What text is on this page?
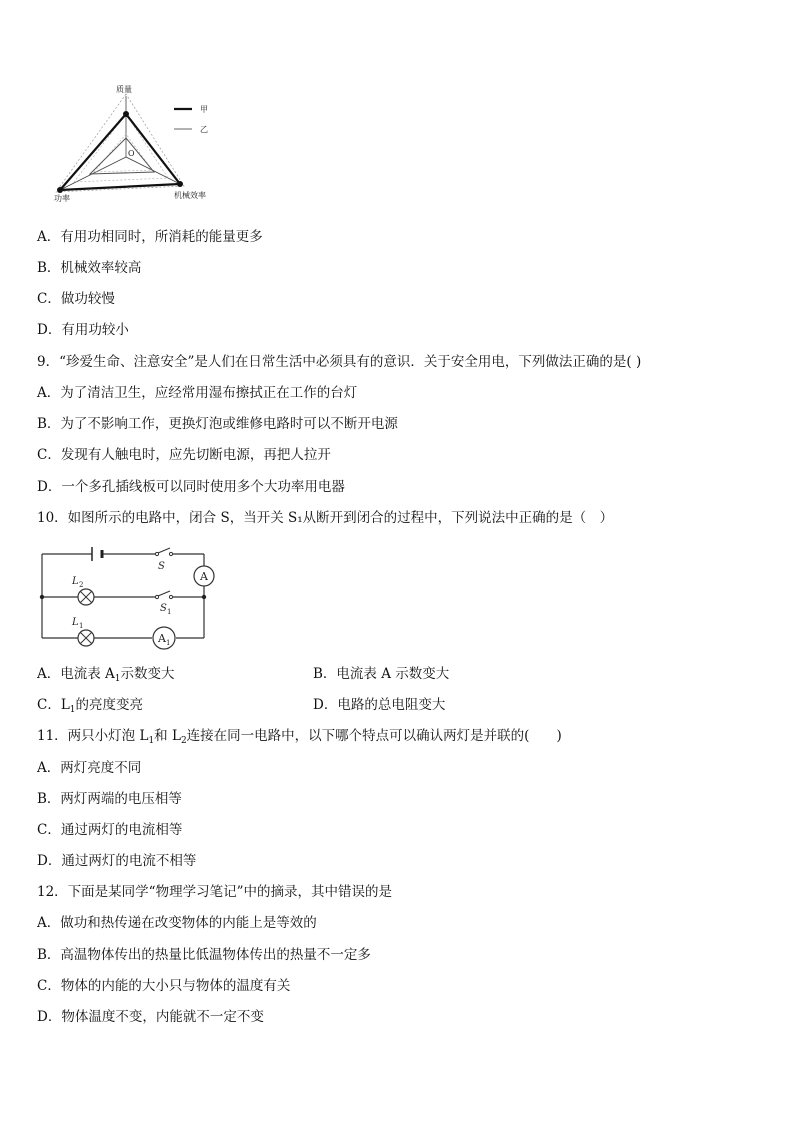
质量
功率	机械效率
O
甲
乙
A．有用功相同时，所消耗的能量更多
B．机械效率较高
C．做功较慢
D．有用功较小
9．“珍爱生命、注意安全”是人们在日常生活中必须具有的意识．关于安全用电，下列做法正确的是( )
A．为了清洁卫生，应经常用湿布擦拭正在工作的台灯
B．为了不影响工作，更换灯泡或维修电路时可以不断开电源
C．发现有人触电时，应先切断电源，再把人拉开
D．一个多孔插线板可以同时使用多个大功率用电器
10．如图所示的电路中，闭合 S，当开关 S₁从断开到闭合的过程中，下列说法中正确的是（　）
S
A
L 2
S 1
L 1
A 1
A．电流表 $A_1$示数变大	B．电流表 A 示数变大
C．$L_1$的亮度变亮	D．电路的总电阻变大
11．两只小灯泡 $L_1$和 $L_2$连接在同一电路中，以下哪个特点可以确认两灯是并联的(　　)
A．两灯亮度不同
B．两灯两端的电压相等
C．通过两灯的电流相等
D．通过两灯的电流不相等
12．下面是某同学“物理学习笔记”中的摘录，其中错误的是
A．做功和热传递在改变物体的内能上是等效的
B．高温物体传出的热量比低温物体传出的热量不一定多
C．物体的内能的大小只与物体的温度有关
D．物体温度不变，内能就不一定不变
